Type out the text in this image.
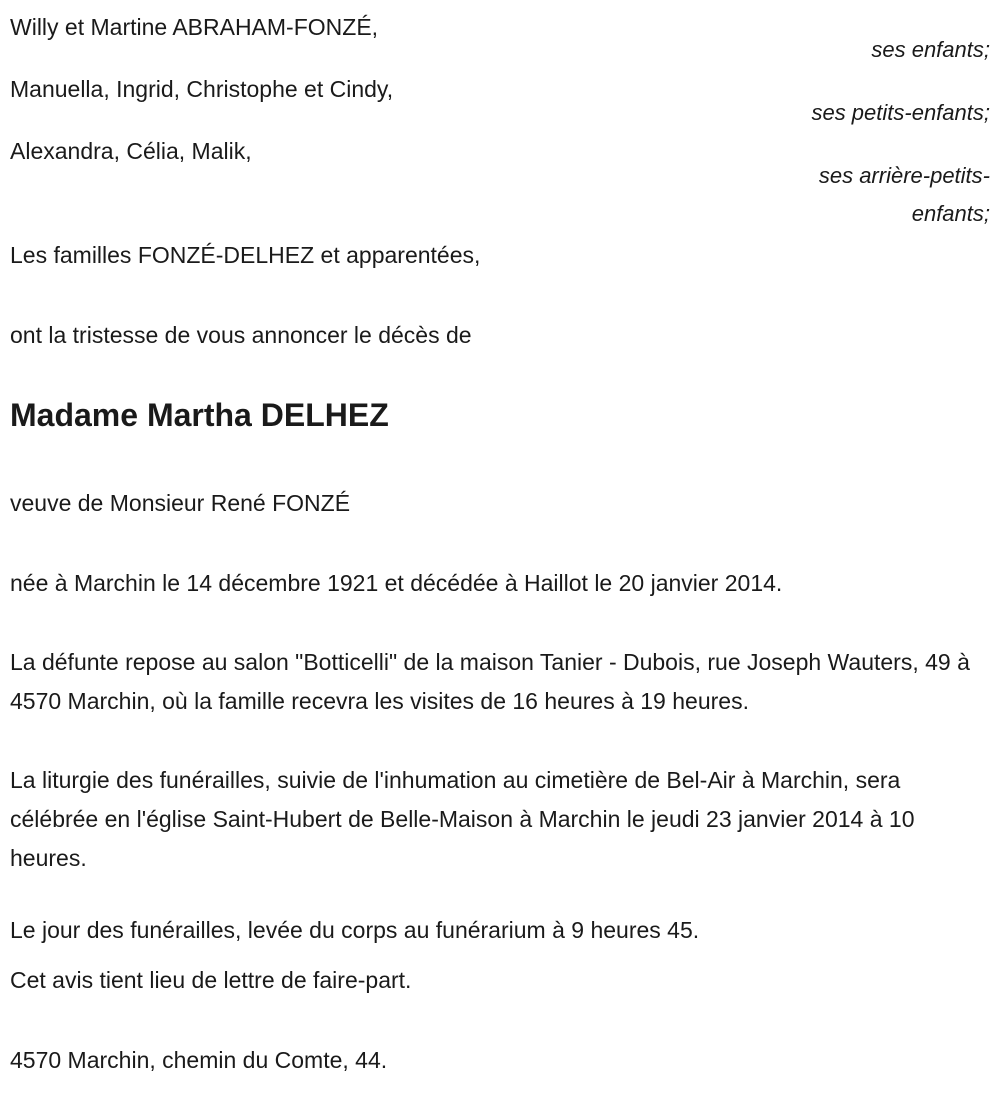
Willy et Martine ABRAHAM-FONZÉ,
ses enfants;
Manuella, Ingrid, Christophe et Cindy,
ses petits-enfants;
Alexandra, Célia, Malik,
ses arrière-petits-
enfants;
Les familles FONZÉ-DELHEZ et apparentées,
ont la tristesse de vous annoncer le décès de
Madame Martha DELHEZ
veuve de Monsieur René FONZÉ
née à Marchin le 14 décembre 1921 et décédée à Haillot le 20 janvier 2014.
La défunte repose au salon "Botticelli" de la maison Tanier - Dubois, rue Joseph Wauters, 49 à 4570 Marchin, où la famille recevra les visites de 16 heures à 19 heures.
La liturgie des funérailles, suivie de l'inhumation au cimetière de Bel-Air à Marchin, sera célébrée en l'église Saint-Hubert de Belle-Maison à Marchin le jeudi 23 janvier 2014 à 10 heures.
Le jour des funérailles, levée du corps au funérarium à 9 heures 45.
Cet avis tient lieu de lettre de faire-part.
4570 Marchin, chemin du Comte, 44.
